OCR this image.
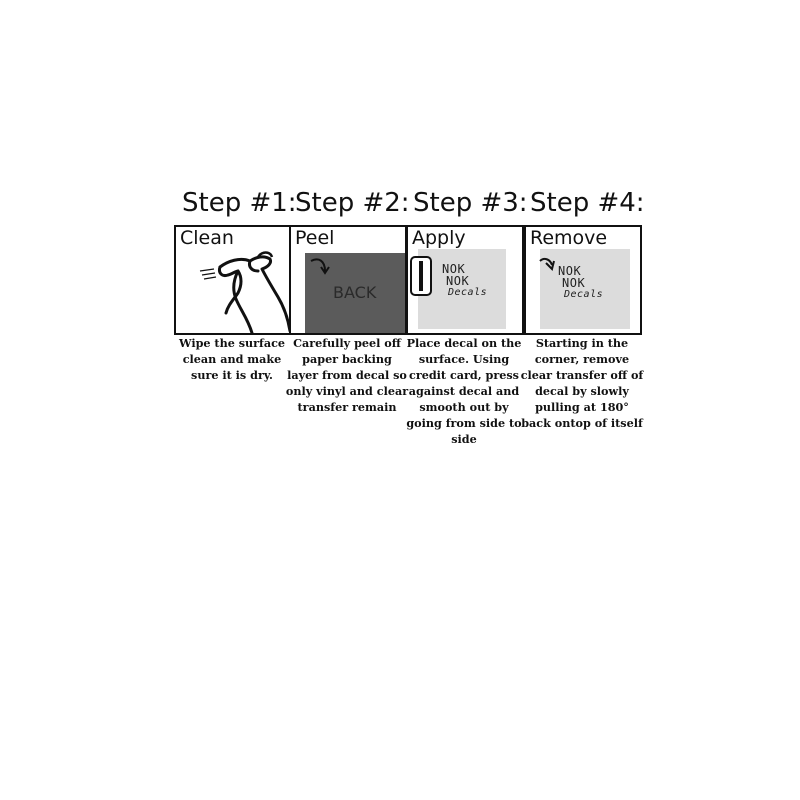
Step #1:
Clean
Wipe the surface clean and make sure it is dry.
Step #2:
Peel
BACK
Carefully peel off paper backing layer from decal so only vinyl and clear transfer remain
Step #3:
Apply
NOK
NOK
Decals
Place decal on the surface. Using credit card, press against decal and smooth out by going from side to side
Step #4:
Remove
NOK
NOK
Decals
Starting in the corner, remove clear transfer off of decal by slowly pulling at 180° back ontop of itself
